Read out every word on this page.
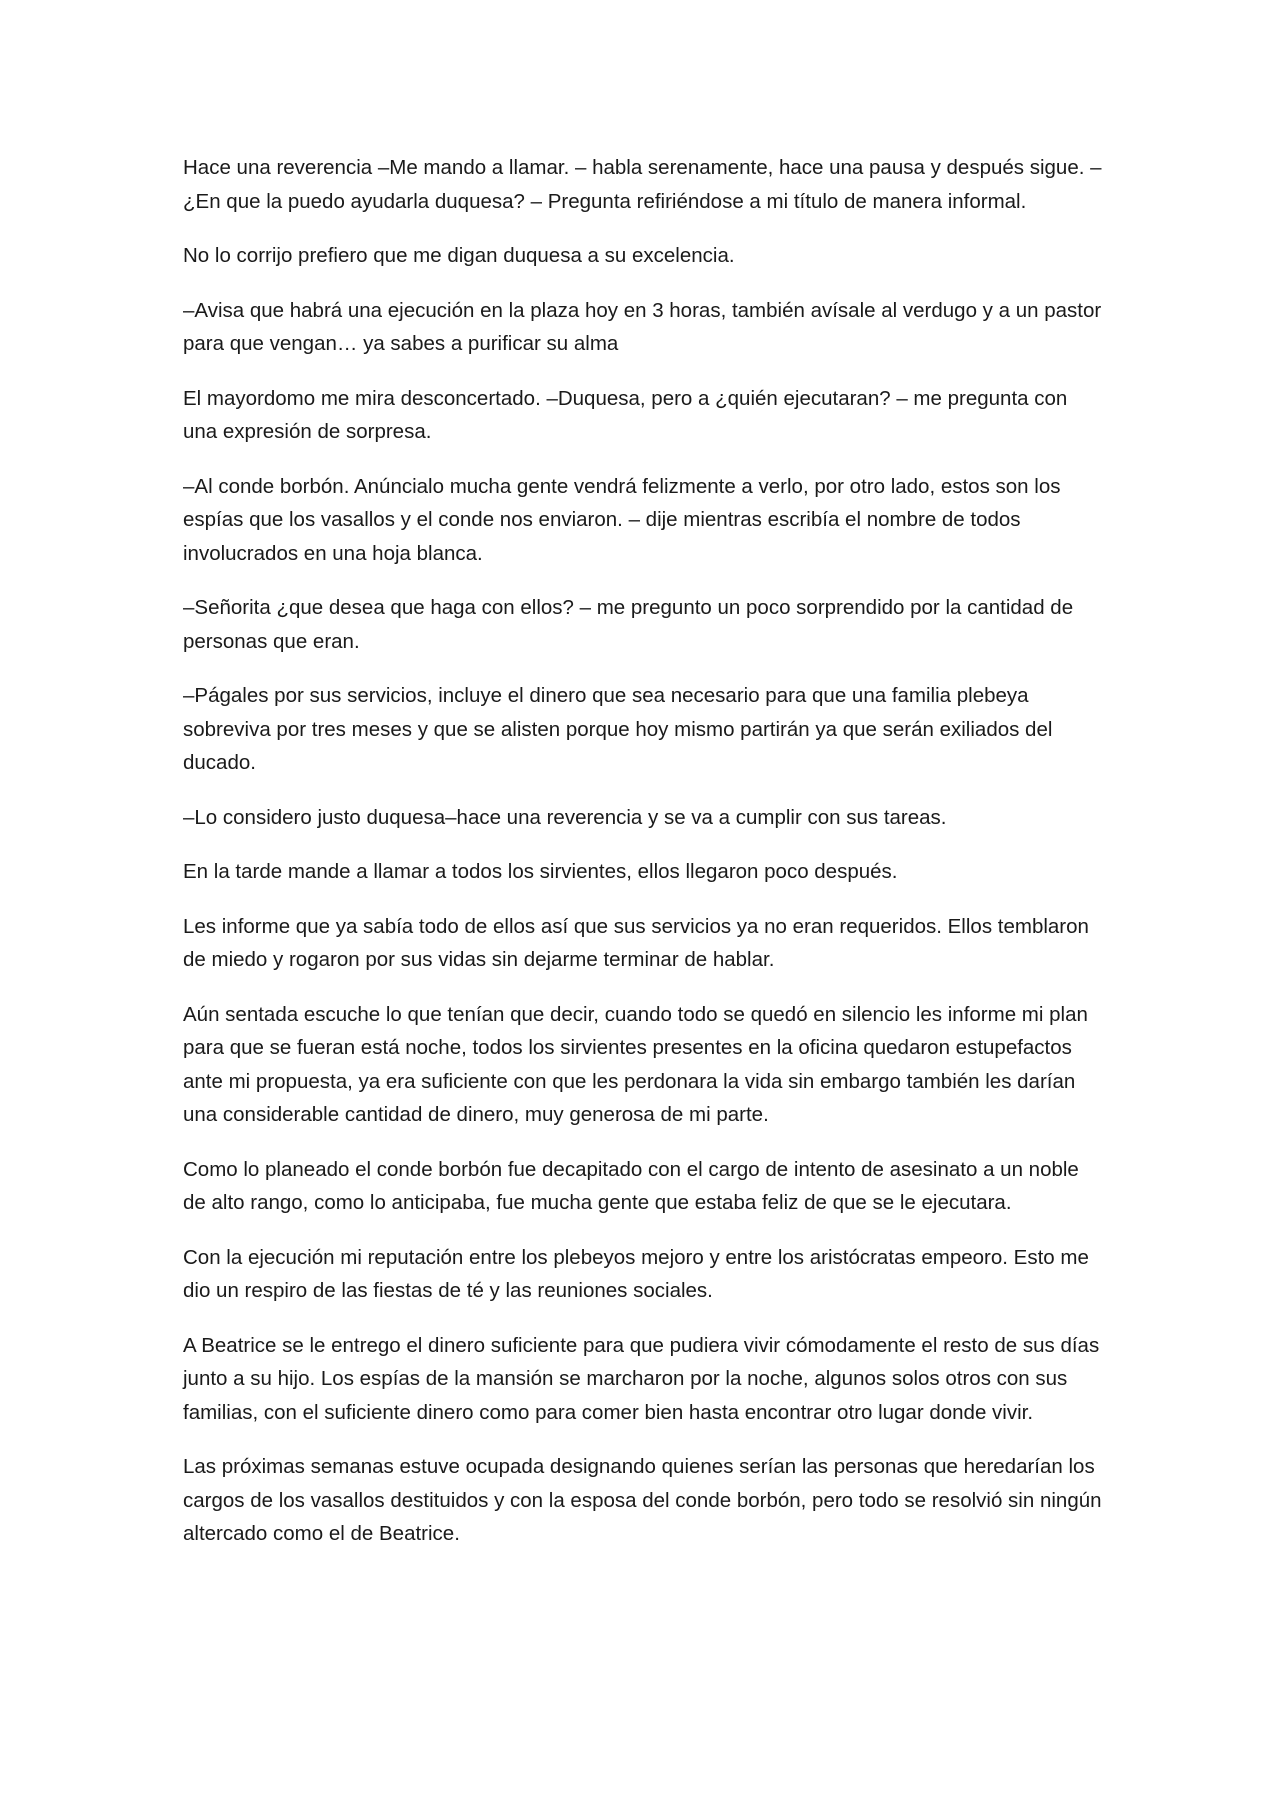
Hace una reverencia –Me mando a llamar. – habla serenamente, hace una pausa y después sigue. –¿En que la puedo ayudarla duquesa? – Pregunta refiriéndose a mi título de manera informal.

No lo corrijo prefiero que me digan duquesa a su excelencia.

–Avisa que habrá una ejecución en la plaza hoy en 3 horas, también avísale al verdugo y a un pastor para que vengan… ya sabes a purificar su alma

El mayordomo me mira desconcertado. –Duquesa, pero a ¿quién ejecutaran? – me pregunta con una expresión de sorpresa.

–Al conde borbón. Anúncialo mucha gente vendrá felizmente a verlo, por otro lado, estos son los espías que los vasallos y el conde nos enviaron. – dije mientras escribía el nombre de todos involucrados en una hoja blanca.

–Señorita ¿que desea que haga con ellos? – me pregunto un poco sorprendido por la cantidad de personas que eran.

–Págales por sus servicios, incluye el dinero que sea necesario para que una familia plebeya sobreviva por tres meses y que se alisten porque hoy mismo partirán ya que serán exiliados del ducado.

–Lo considero justo duquesa–hace una reverencia y se va a cumplir con sus tareas.

En la tarde mande a llamar a todos los sirvientes, ellos llegaron poco después.

Les informe que ya sabía todo de ellos así que sus servicios ya no eran requeridos. Ellos temblaron de miedo y rogaron por sus vidas sin dejarme terminar de hablar.

Aún sentada escuche lo que tenían que decir, cuando todo se quedó en silencio les informe mi plan para que se fueran está noche, todos los sirvientes presentes en la oficina quedaron estupefactos ante mi propuesta, ya era suficiente con que les perdonara la vida sin embargo también les darían una considerable cantidad de dinero, muy generosa de mi parte.

Como lo planeado el conde borbón fue decapitado con el cargo de intento de asesinato a un noble de alto rango, como lo anticipaba, fue mucha gente que estaba feliz de que se le ejecutara.

Con la ejecución mi reputación entre los plebeyos mejoro y entre los aristócratas empeoro. Esto me dio un respiro de las fiestas de té y las reuniones sociales.

A Beatrice se le entrego el dinero suficiente para que pudiera vivir cómodamente el resto de sus días junto a su hijo. Los espías de la mansión se marcharon por la noche, algunos solos otros con sus familias, con el suficiente dinero como para comer bien hasta encontrar otro lugar donde vivir.

Las próximas semanas estuve ocupada designando quienes serían las personas que heredarían los cargos de los vasallos destituidos y con la esposa del conde borbón, pero todo se resolvió sin ningún altercado como el de Beatrice.
